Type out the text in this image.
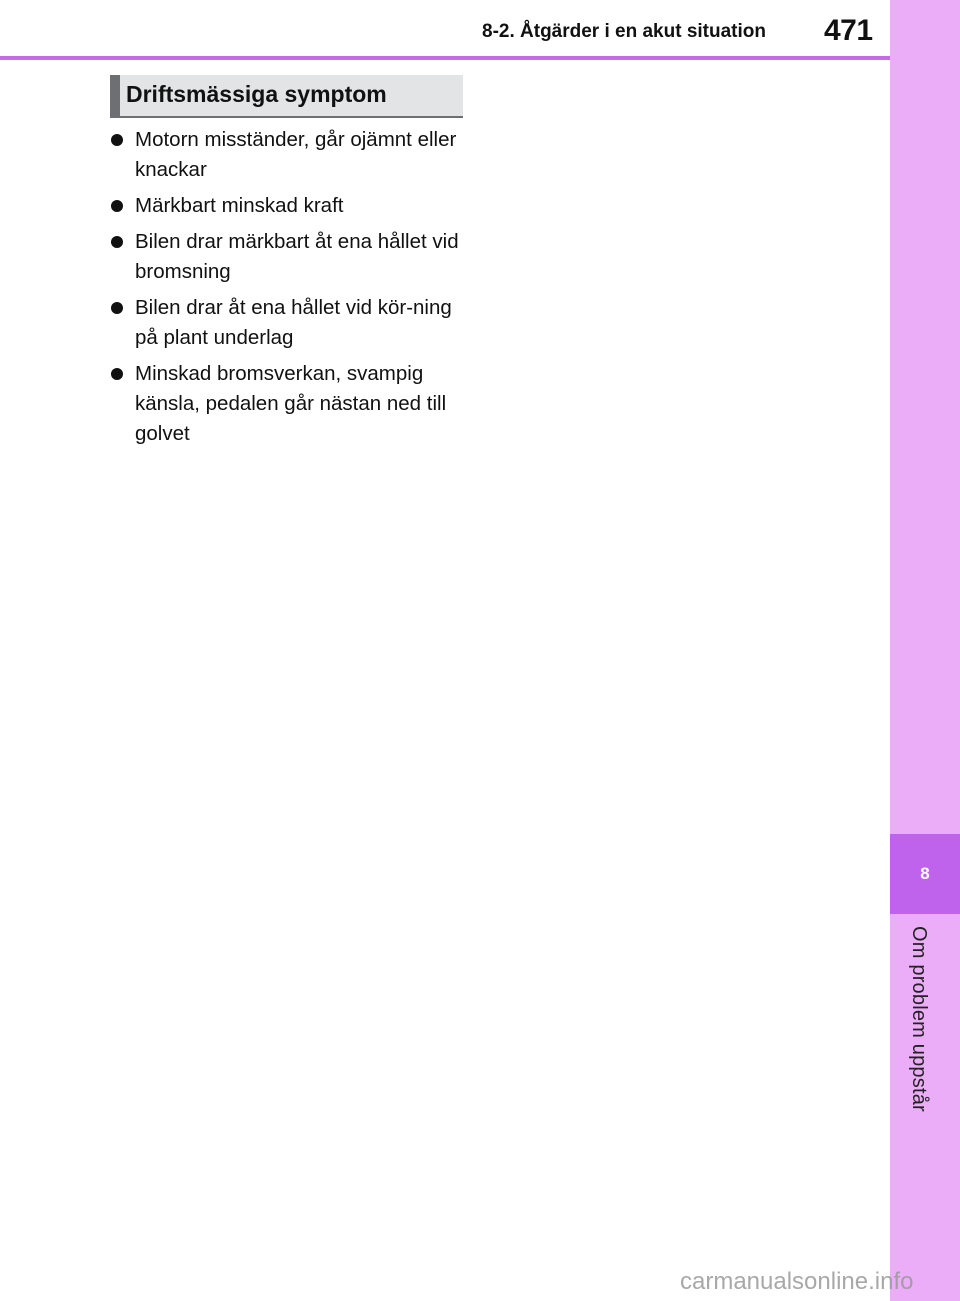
8
Om problem uppstår
8-2. Åtgärder i en akut situation 471
Driftsmässiga symptom
Motorn misständer, går ojämnt eller knackar
Märkbart minskad kraft
Bilen drar märkbart åt ena hållet vid bromsning
Bilen drar åt ena hållet vid kör-ning på plant underlag
Minskad bromsverkan, svampig känsla, pedalen går nästan ned till golvet
carmanualsonline.info
